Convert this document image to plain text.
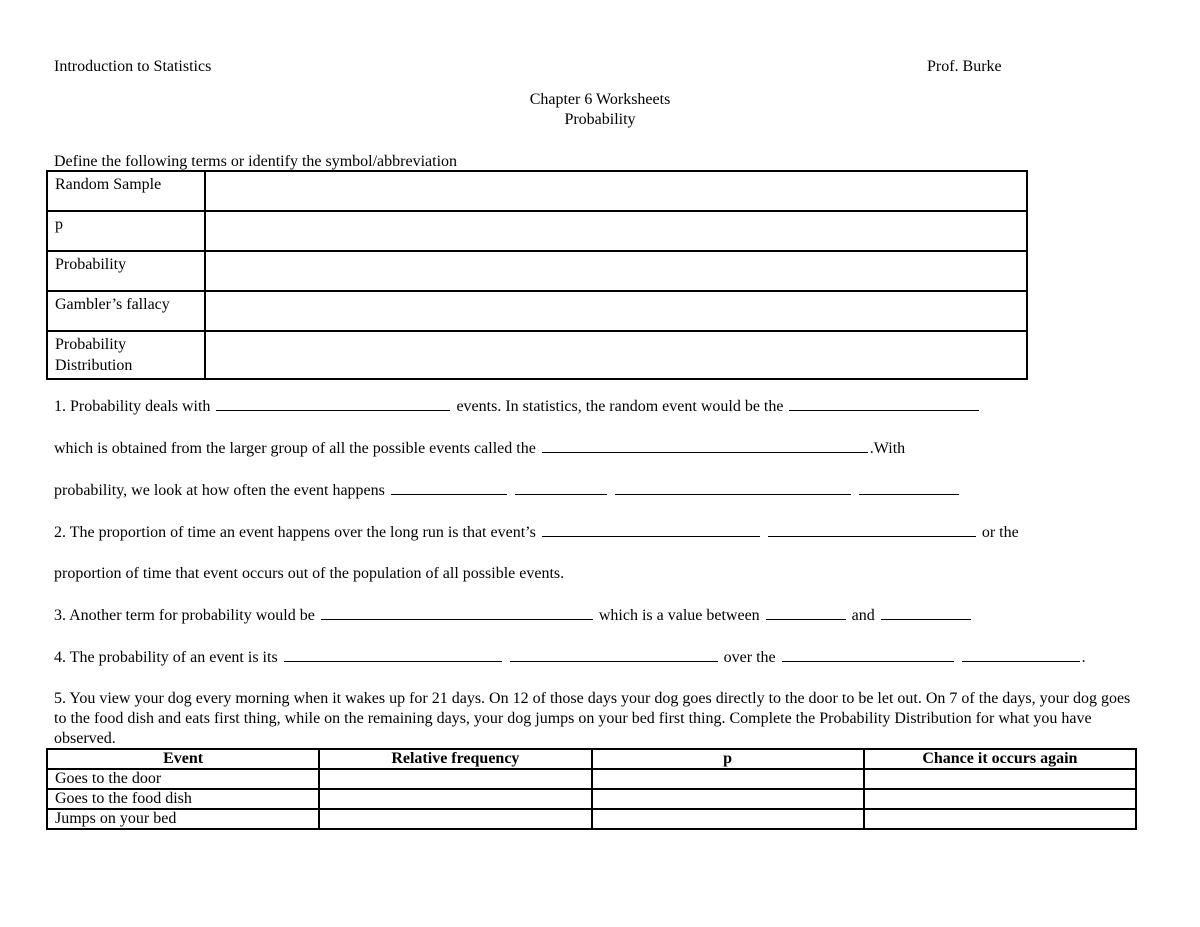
Introduction to Statistics	Prof. Burke
Chapter 6 Worksheets
Probability
Define the following terms or identify the symbol/abbreviation
Random Sample	
p	
Probability	
Gambler’s fallacy	
Probability Distribution	
1. Probability deals with	events. In statistics, the random event would be the
which is obtained from the larger group of all the possible events called the	.With
probability, we look at how often the event happens
2. The proportion of time an event happens over the long run is that event’s	or the
proportion of time that event occurs out of the population of all possible events.
3. Another term for probability would be	which is a value between	and
4. The probability of an event is its	over the	.
5. You view your dog every morning when it wakes up for 21 days. On 12 of those days your dog goes directly to the door to be let out. On 7 of the days, your dog goes to the food dish and eats first thing, while on the remaining days, your dog jumps on your bed first thing. Complete the Probability Distribution for what you have observed.
Event	Relative frequency	p	Chance it occurs again
Goes to the door			
Goes to the food dish			
Jumps on your bed			
